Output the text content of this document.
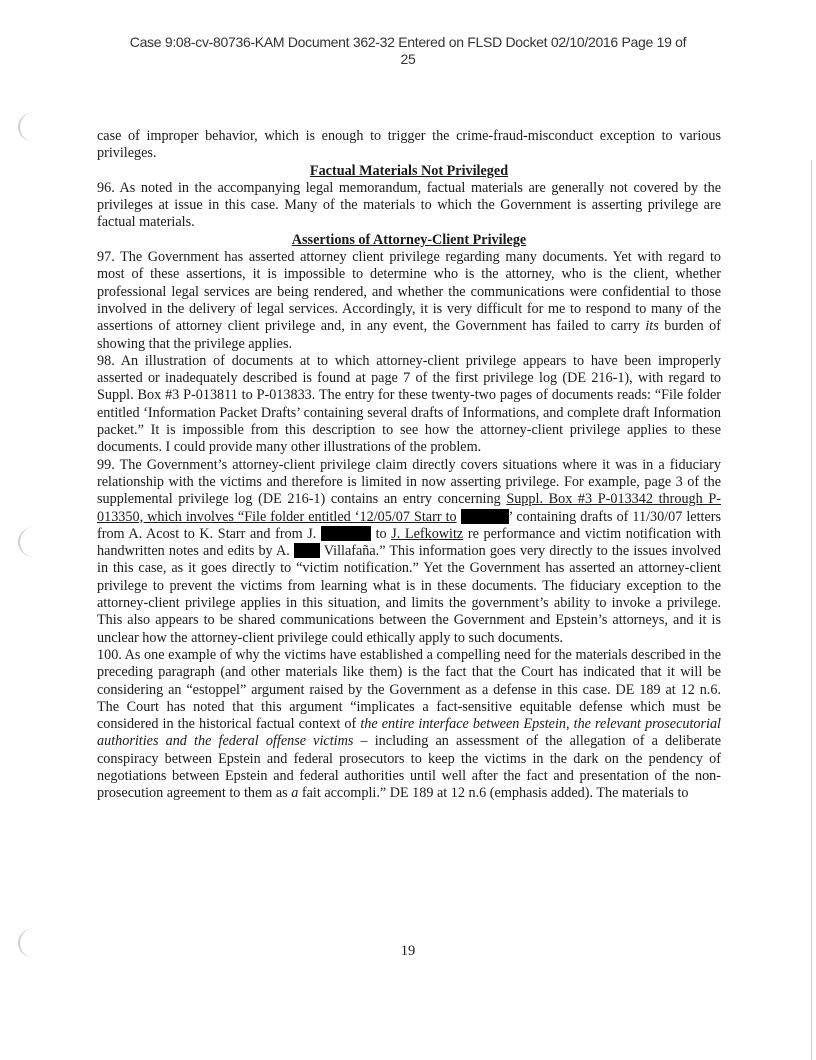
Case 9:08-cv-80736-KAM Document 362-32 Entered on FLSD Docket 02/10/2016 Page 19 of
25

case of improper behavior, which is enough to trigger the crime-fraud-misconduct exception to various privileges.

Factual Materials Not Privileged

96. As noted in the accompanying legal memorandum, factual materials are generally not covered by the privileges at issue in this case. Many of the materials to which the Government is asserting privilege are factual materials.

Assertions of Attorney-Client Privilege

97. The Government has asserted attorney client privilege regarding many documents. Yet with regard to most of these assertions, it is impossible to determine who is the attorney, who is the client, whether professional legal services are being rendered, and whether the communications were confidential to those involved in the delivery of legal services. Accordingly, it is very difficult for me to respond to many of the assertions of attorney client privilege and, in any event, the Government has failed to carry its burden of showing that the privilege applies.

98. An illustration of documents at to which attorney-client privilege appears to have been improperly asserted or inadequately described is found at page 7 of the first privilege log (DE 216-1), with regard to Suppl. Box #3 P-013811 to P-013833. The entry for these twenty-two pages of documents reads: “File folder entitled ‘Information Packet Drafts’ containing several drafts of Informations, and complete draft Information packet.” It is impossible from this description to see how the attorney-client privilege applies to these documents. I could provide many other illustrations of the problem.

99. The Government’s attorney-client privilege claim directly covers situations where it was in a fiduciary relationship with the victims and therefore is limited in now asserting privilege. For example, page 3 of the supplemental privilege log (DE 216-1) contains an entry concerning Suppl. Box #3 P-013342 through P-013350, which involves “File folder entitled ‘12/05/07 Starr to	’ containing drafts of 11/30/07 letters from A. Acost to K. Starr and from J.	to J. Lefkowitz re performance and victim notification with handwritten notes and edits by A.  Villafaña.” This information goes very directly to the issues involved in this case, as it goes directly to “victim notification.” Yet the Government has asserted an attorney-client privilege to prevent the victims from learning what is in these documents. The fiduciary exception to the attorney-client privilege applies in this situation, and limits the government’s ability to invoke a privilege. This also appears to be shared communications between the Government and Epstein’s attorneys, and it is unclear how the attorney-client privilege could ethically apply to such documents.

100. As one example of why the victims have established a compelling need for the materials described in the preceding paragraph (and other materials like them) is the fact that the Court has indicated that it will be considering an “estoppel” argument raised by the Government as a defense in this case. DE 189 at 12 n.6. The Court has noted that this argument “implicates a fact-sensitive equitable defense which must be considered in the historical factual context of the entire interface between Epstein, the relevant prosecutorial authorities and the federal offense victims – including an assessment of the allegation of a deliberate conspiracy between Epstein and federal prosecutors to keep the victims in the dark on the pendency of negotiations between Epstein and federal authorities until well after the fact and presentation of the non-prosecution agreement to them as a fait accompli.” DE 189 at 12 n.6 (emphasis added). The materials to

19
